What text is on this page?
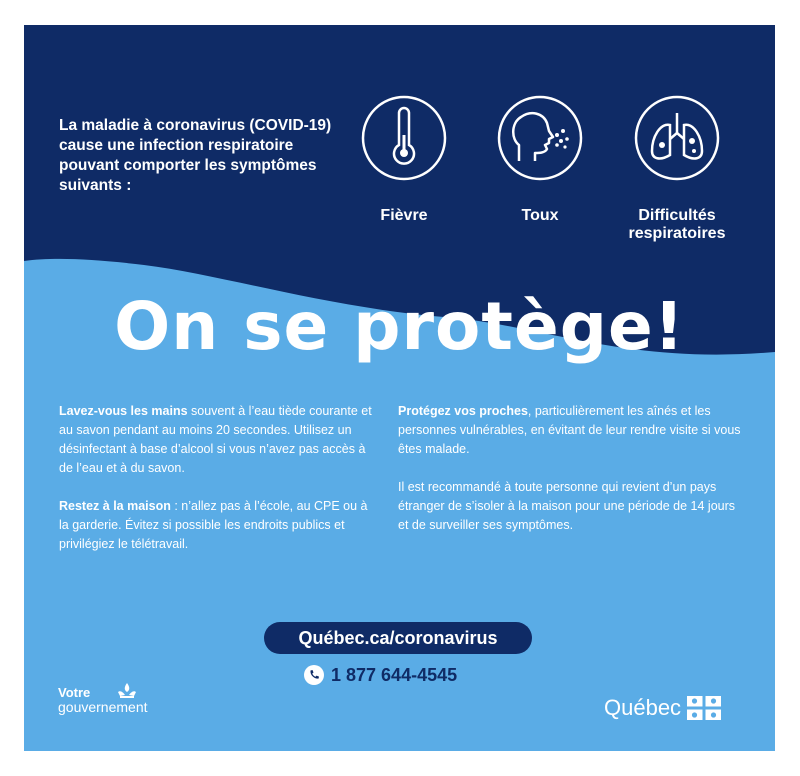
La maladie à coronavirus (COVID-19) cause une infection respiratoire pouvant comporter les symptômes suivants :
Fièvre	Toux	Difficultés respiratoires
On se protège!

Lavez-vous les mains souvent à l’eau tiède courante et au savon pendant au moins 20 secondes. Utilisez un désinfectant à base d’alcool si vous n’avez pas accès à de l’eau et à du savon.

Restez à la maison : n’allez pas à l’école, au CPE ou à la garderie. Évitez si possible les endroits publics et privilégiez le télétravail.

Protégez vos proches, particulièrement les aînés et les personnes vulnérables, en évitant de leur rendre visite si vous êtes malade.

Il est recommandé à toute personne qui revient d’un pays étranger de s’isoler à la maison pour une période de 14 jours et de surveiller ses symptômes.

Québec.ca/coronavirus
1 877 644-4545
Votre
gouvernement	Québec
